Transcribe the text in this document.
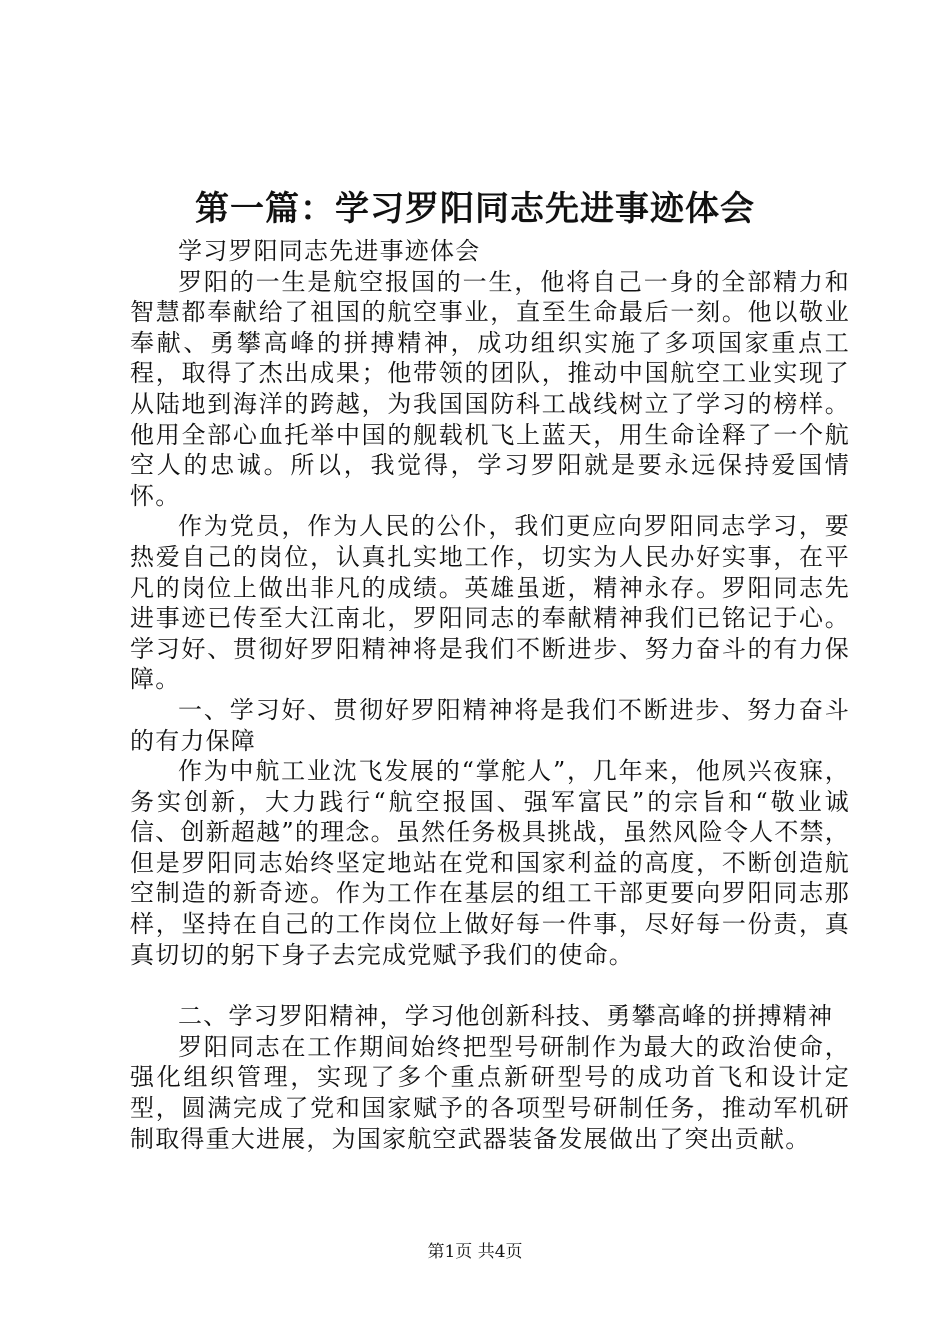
第一篇：学习罗阳同志先进事迹体会

学习罗阳同志先进事迹体会

罗阳的一生是航空报国的一生，他将自己一身的全部精力和智慧都奉献给了祖国的航空事业，直至生命最后一刻。他以敬业奉献、勇攀高峰的拼搏精神，成功组织实施了多项国家重点工程，取得了杰出成果；他带领的团队，推动中国航空工业实现了从陆地到海洋的跨越，为我国国防科工战线树立了学习的榜样。他用全部心血托举中国的舰载机飞上蓝天，用生命诠释了一个航空人的忠诚。所以，我觉得，学习罗阳就是要永远保持爱国情怀。

作为党员，作为人民的公仆，我们更应向罗阳同志学习，要热爱自己的岗位，认真扎实地工作，切实为人民办好实事，在平凡的岗位上做出非凡的成绩。英雄虽逝，精神永存。罗阳同志先进事迹已传至大江南北，罗阳同志的奉献精神我们已铭记于心。学习好、贯彻好罗阳精神将是我们不断进步、努力奋斗的有力保障。

一、学习好、贯彻好罗阳精神将是我们不断进步、努力奋斗的有力保障

作为中航工业沈飞发展的“掌舵人”，几年来，他夙兴夜寐，务实创新，大力践行“航空报国、强军富民”的宗旨和“敬业诚信、创新超越”的理念。虽然任务极具挑战，虽然风险令人不禁，但是罗阳同志始终坚定地站在党和国家利益的高度，不断创造航空制造的新奇迹。作为工作在基层的组工干部更要向罗阳同志那样，坚持在自己的工作岗位上做好每一件事，尽好每一份责，真真切切的躬下身子去完成党赋予我们的使命。

二、学习罗阳精神，学习他创新科技、勇攀高峰的拼搏精神

罗阳同志在工作期间始终把型号研制作为最大的政治使命，强化组织管理，实现了多个重点新研型号的成功首飞和设计定型，圆满完成了党和国家赋予的各项型号研制任务，推动军机研制取得重大进展，为国家航空武器装备发展做出了突出贡献。

第1页 共4页
